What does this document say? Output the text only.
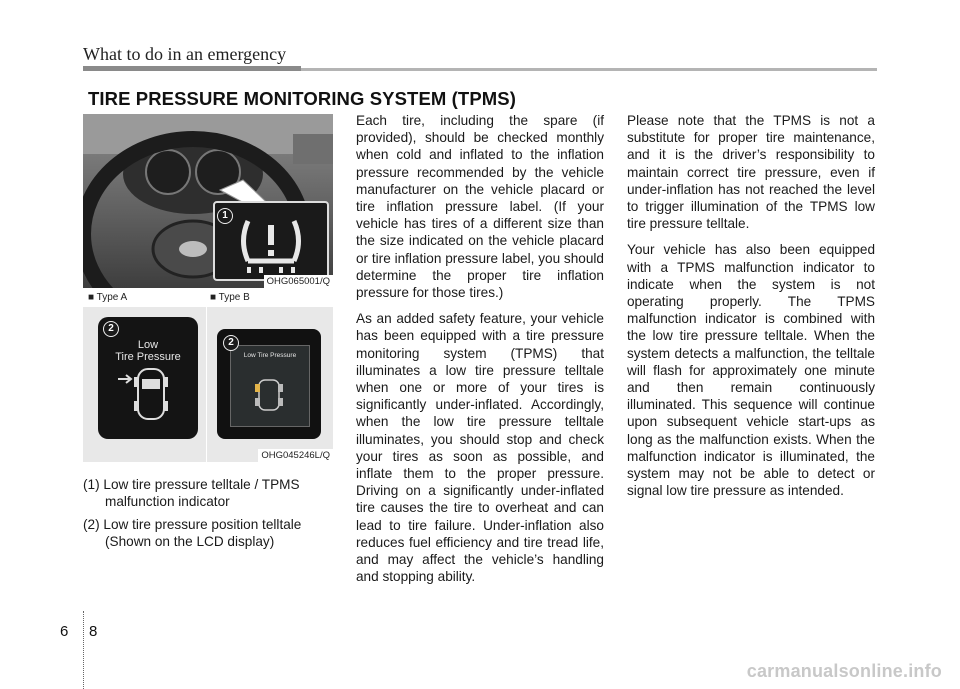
What to do in an emergency
TIRE PRESSURE MONITORING SYSTEM (TPMS)
1
OHG065001/Q
■ Type A	■ Type B
Low
Tire Pressure
2
Low Tire Pressure
2
OHG045246L/Q

(1) Low tire pressure telltale / TPMS malfunction indicator

(2) Low tire pressure position telltale (Shown on the LCD display)

Each tire, including the spare (if provided), should be checked monthly when cold and inflated to the inflation pressure recommended by the vehicle manufacturer on the vehicle placard or tire inflation pressure label. (If your vehicle has tires of a different size than the size indicated on the vehicle placard or tire inflation pressure label, you should determine the proper tire inflation pressure for those tires.)

As an added safety feature, your vehicle has been equipped with a tire pressure monitoring system (TPMS) that illuminates a low tire pressure telltale when one or more of your tires is significantly under-inflated. Accordingly, when the low tire pressure telltale illuminates, you should stop and check your tires as soon as possible, and inflate them to the proper pressure. Driving on a significantly under-inflated tire causes the tire to overheat and can lead to tire failure. Under-inflation also reduces fuel efficiency and tire tread life, and may affect the vehicle’s handling and stopping ability.

Please note that the TPMS is not a substitute for proper tire maintenance, and it is the driver’s responsibility to maintain correct tire pressure, even if under-inflation has not reached the level to trigger illumination of the TPMS low tire pressure telltale.

Your vehicle has also been equipped with a TPMS malfunction indicator to indicate when the system is not operating properly. The TPMS malfunction indicator is combined with the low tire pressure telltale. When the system detects a malfunction, the telltale will flash for approximately one minute and then remain continuously illuminated. This sequence will continue upon subsequent vehicle start-ups as long as the malfunction exists. When the malfunction indicator is illuminated, the system may not be able to detect or signal low tire pressure as intended.

6 8
carmanualsonline.info
